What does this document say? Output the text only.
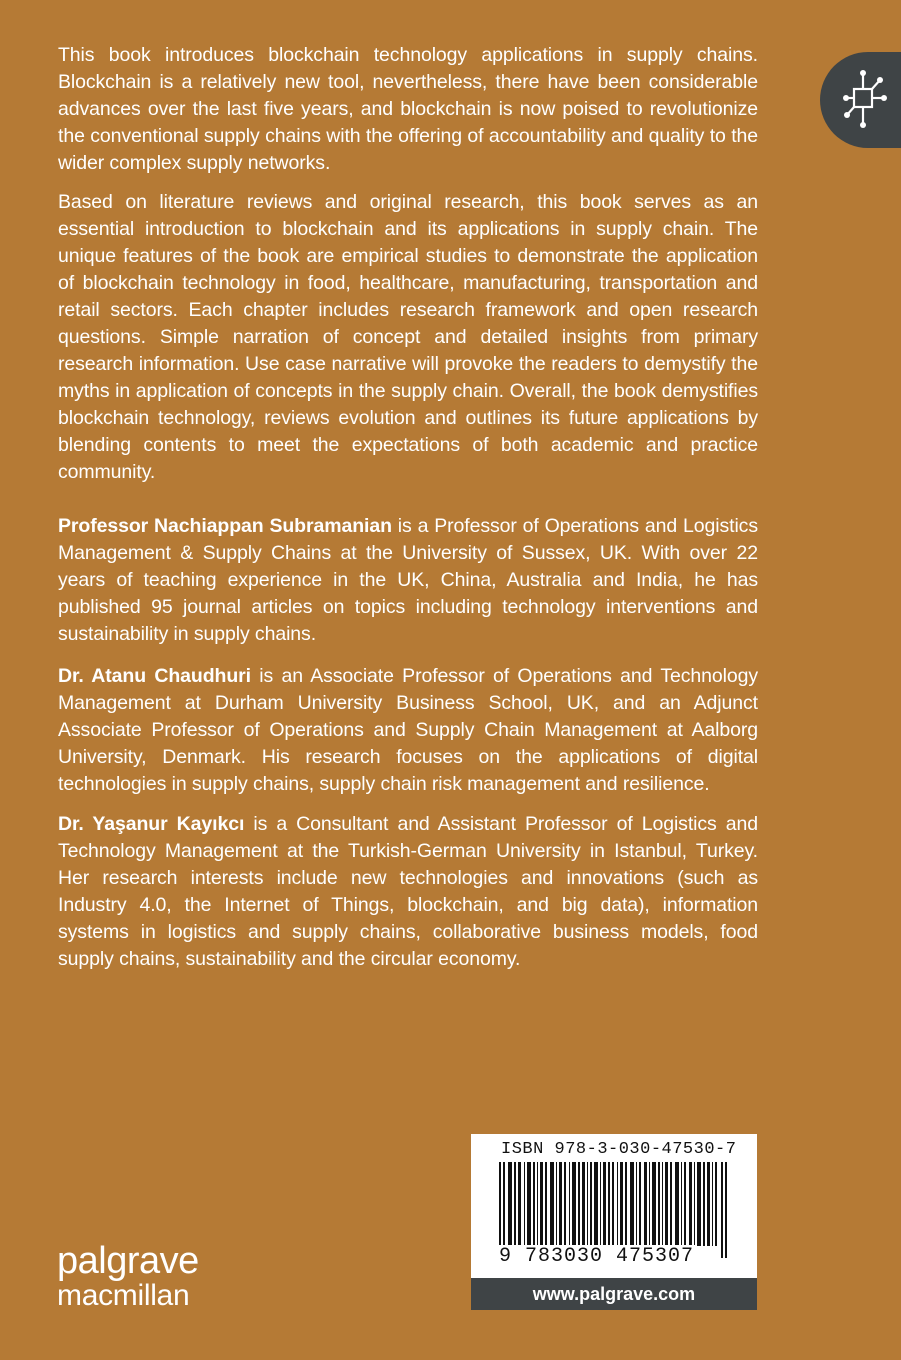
This book introduces blockchain technology applications in supply chains. Blockchain is a relatively new tool, nevertheless, there have been considerable advances over the last five years, and blockchain is now poised to revolutionize the conventional supply chains with the offering of accountability and quality to the wider complex supply networks.

Based on literature reviews and original research, this book serves as an essential introduction to blockchain and its applications in supply chain. The unique features of the book are empirical studies to demonstrate the application of blockchain technology in food, healthcare, manufacturing, transportation and retail sectors. Each chapter includes research framework and open research questions. Simple narration of concept and detailed insights from primary research information. Use case narrative will provoke the readers to demystify the myths in application of concepts in the supply chain. Overall, the book demystifies blockchain technology, reviews evolution and outlines its future applications by blending contents to meet the expectations of both academic and practice community.

Professor Nachiappan Subramanian is a Professor of Operations and Logistics Management & Supply Chains at the University of Sussex, UK. With over 22 years of teaching experience in the UK, China, Australia and India, he has published 95 journal articles on topics including technology interventions and sustainability in supply chains.

Dr. Atanu Chaudhuri is an Associate Professor of Operations and Technology Management at Durham University Business School, UK, and an Adjunct Associate Professor of Operations and Supply Chain Management at Aalborg University, Denmark. His research focuses on the applications of digital technologies in supply chains, supply chain risk management and resilience.

Dr. Yaşanur Kayıkcı is a Consultant and Assistant Professor of Logistics and Technology Management at the Turkish-German University in Istanbul, Turkey. Her research interests include new technologies and innovations (such as Industry 4.0, the Internet of Things, blockchain, and big data), information systems in logistics and supply chains, collaborative business models, food supply chains, sustainability and the circular economy.

palgrave
macmillan
ISBN 978-3-030-47530-7
9 783030 475307
www.palgrave.com
